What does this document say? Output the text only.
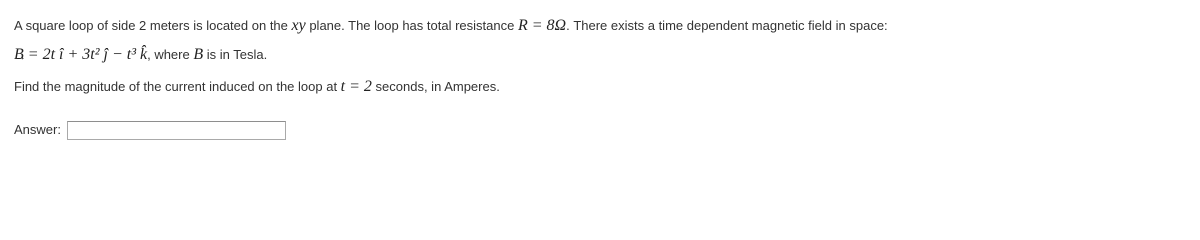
A square loop of side 2 meters is located on the xy plane. The loop has total resistance R = 8Ω. There exists a time dependent magnetic field in space:
B = 2t î + 3t² ĵ − t³ k̂, where B is in Tesla.
Find the magnitude of the current induced on the loop at t = 2 seconds, in Amperes.
Answer:
